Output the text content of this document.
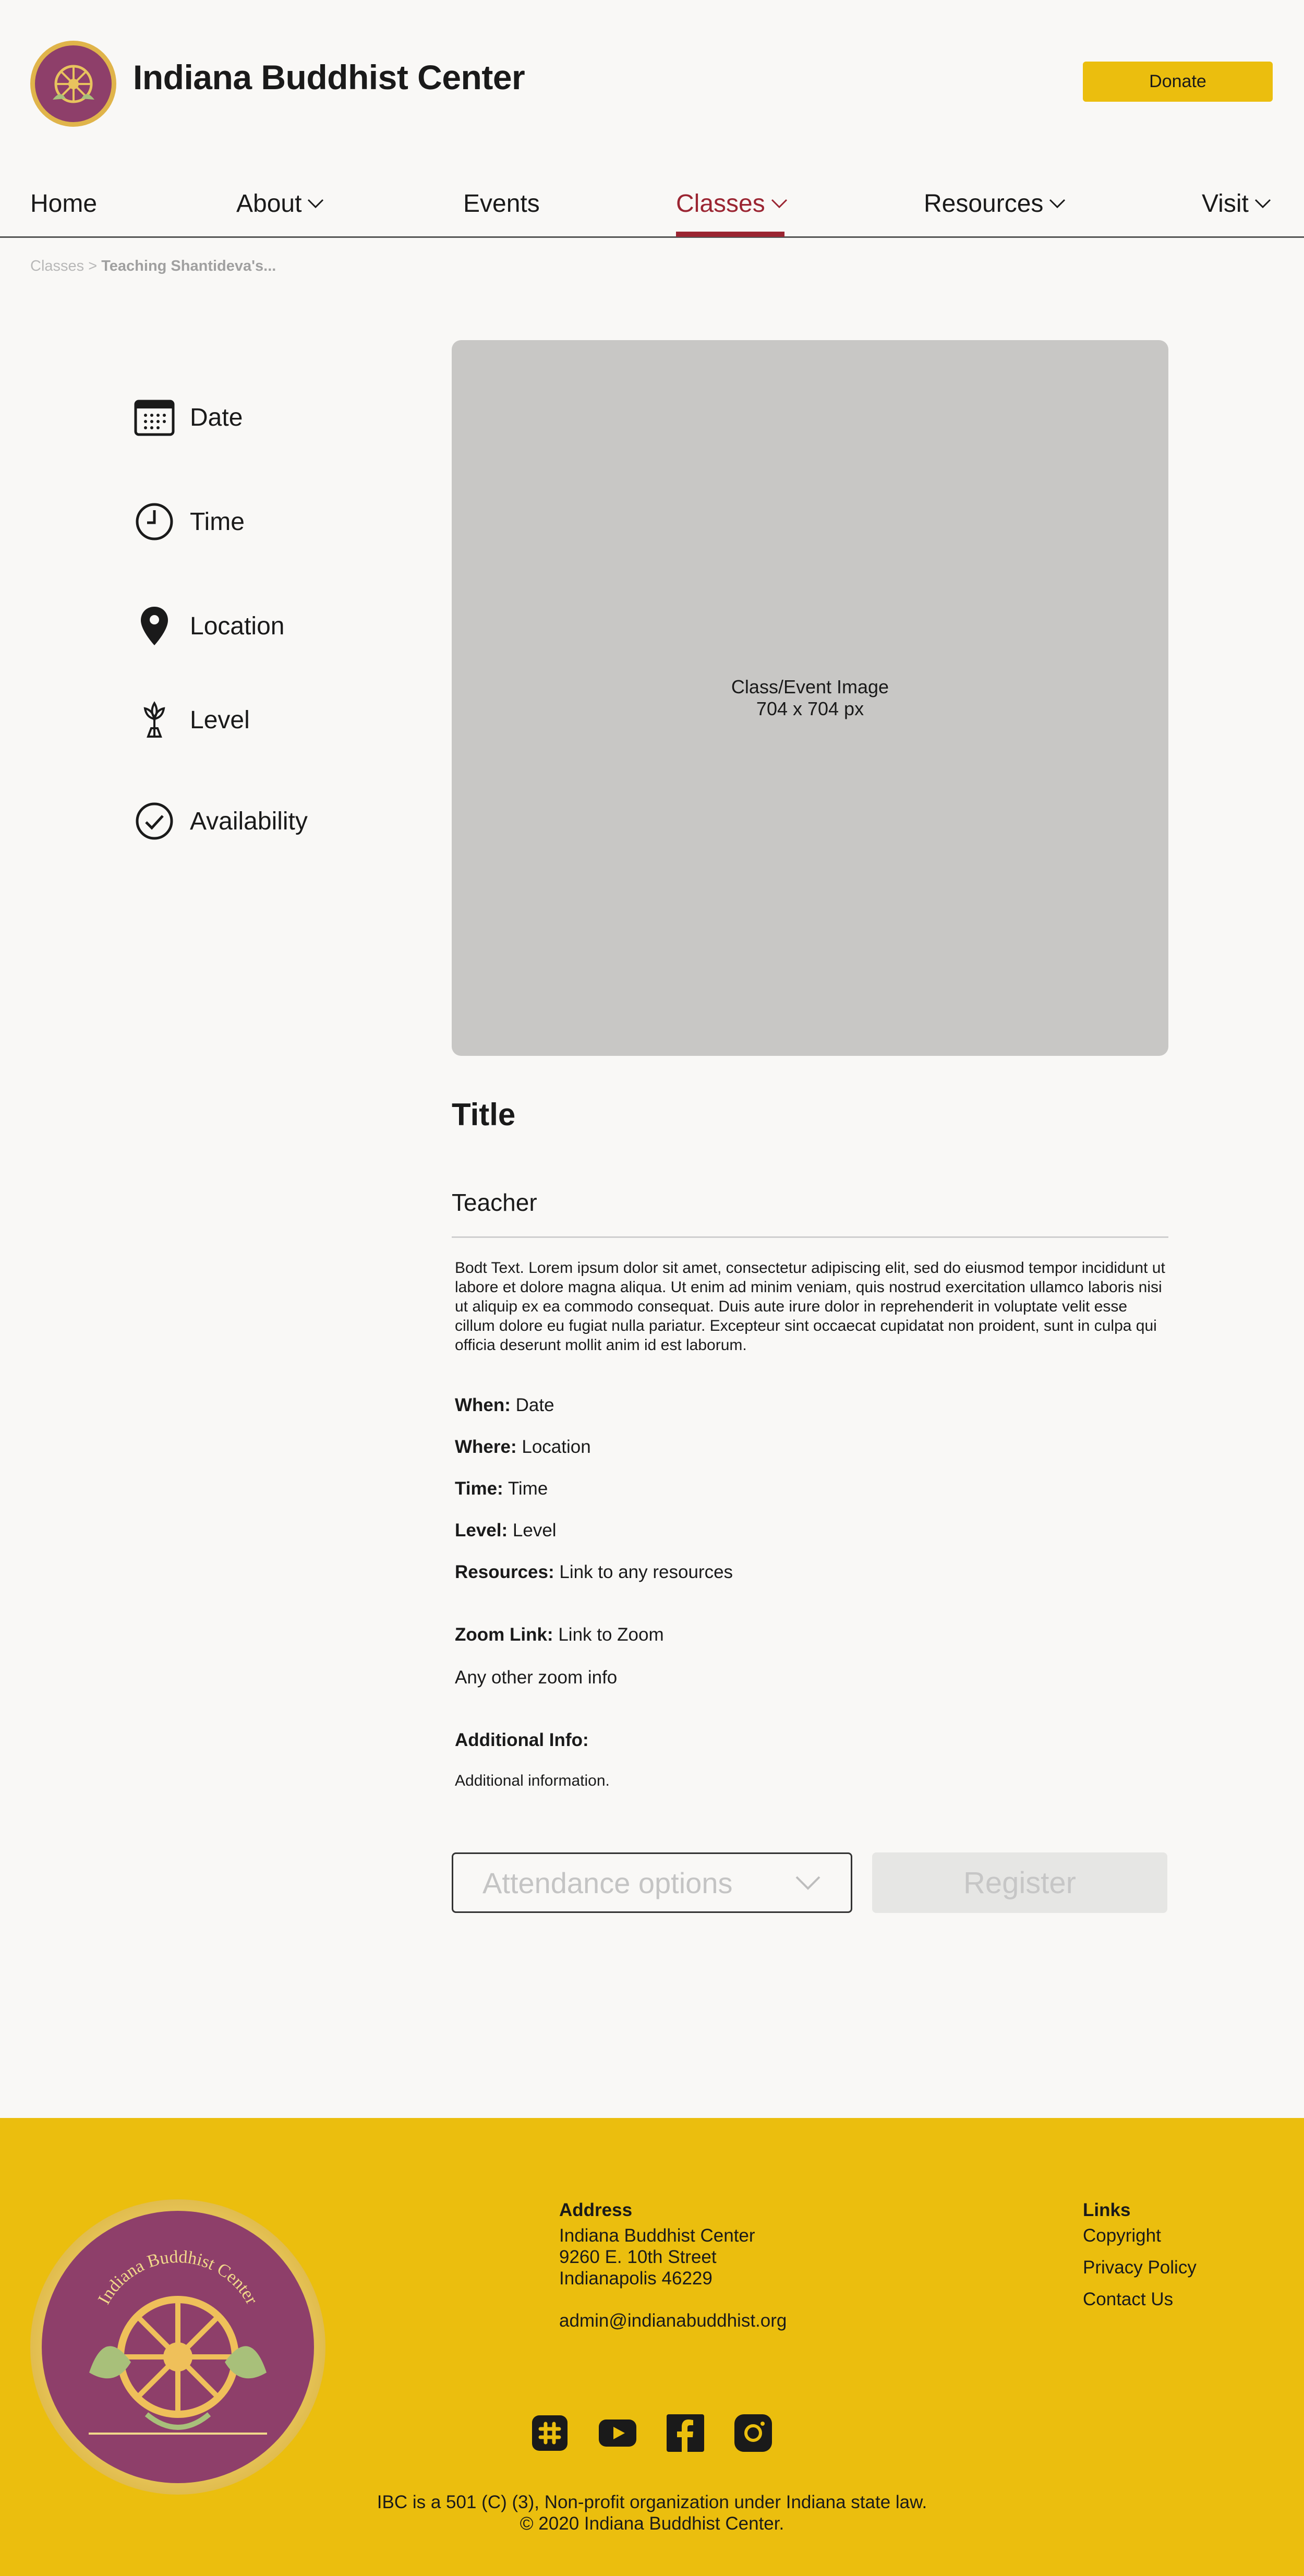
Indiana Buddhist Center	Donate
Home	About	Events	Classes	Resources	Visit
Classes > Teaching Shantideva's...
Date
Time
Location
Level
Availability
Class/Event Image
704 x 704 px
Title
Teacher
Bodt Text. Lorem ipsum dolor sit amet, consectetur adipiscing elit, sed do eiusmod tempor incididunt ut labore et dolore magna aliqua. Ut enim ad minim veniam, quis nostrud exercitation ullamco laboris nisi ut aliquip ex ea commodo consequat. Duis aute irure dolor in reprehenderit in voluptate velit esse cillum dolore eu fugiat nulla pariatur. Excepteur sint occaecat cupidatat non proident, sunt in culpa qui officia deserunt mollit anim id est laborum.
When: Date
Where: Location
Time: Time
Level: Level
Resources: Link to any resources
Zoom Link: Link to Zoom
Any other zoom info
Additional Info:
Additional information.
Attendance options	Register
Indiana Buddhist Center
Address
Indiana Buddhist Center
9260 E. 10th Street
Indianapolis 46229
admin@indianabuddhist.org
Links
Copyright
Privacy Policy
Contact Us
IBC is a 501 (C) (3), Non-profit organization under Indiana state law.
© 2020 Indiana Buddhist Center.
